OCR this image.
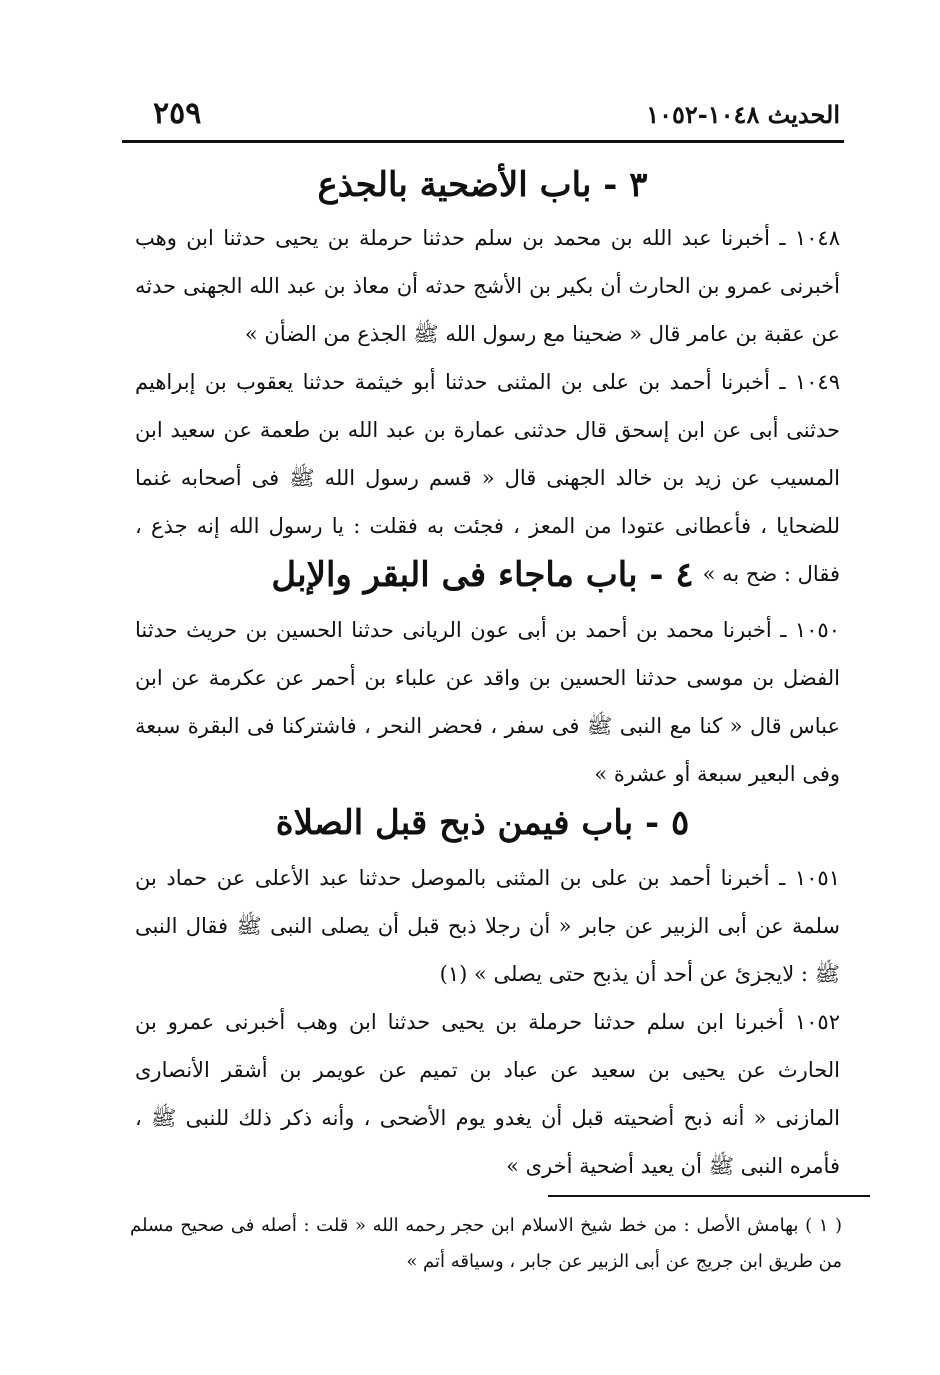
الحديث ١٠٤٨-١٠٥٢
٢٥٩
٣ - باب الأضحية بالجذع
١٠٤٨ ـ أخبرنا عبد الله بن محمد بن سلم حدثنا حرملة بن يحيى حدثنا ابن وهب أخبرنى عمرو بن الحارث أن بكير بن الأشج حدثه أن معاذ بن عبد الله الجهنى حدثه عن عقبة بن عامر قال « ضحينا مع رسول الله ﷺ الجذع من الضأن »
١٠٤٩ ـ أخبرنا أحمد بن على بن المثنى حدثنا أبو خيثمة حدثنا يعقوب بن إبراهيم حدثنى أبى عن ابن إسحق قال حدثنى عمارة بن عبد الله بن طعمة عن سعيد ابن المسيب عن زيد بن خالد الجهنى قال « قسم رسول الله ﷺ فى أصحابه غنما للضحايا ، فأعطانى عتودا من المعز ، فجئت به فقلت : يا رسول الله إنه جذع ، فقال : ضح به »
٤ - باب ماجاء فى البقر والإبل
١٠٥٠ ـ أخبرنا محمد بن أحمد بن أبى عون الريانى حدثنا الحسين بن حريث حدثنا الفضل بن موسى حدثنا الحسين بن واقد عن علباء بن أحمر عن عكرمة عن ابن عباس قال « كنا مع النبى ﷺ فى سفر ، فحضر النحر ، فاشتركنا فى البقرة سبعة وفى البعير سبعة أو عشرة »
٥ - باب فيمن ذبح قبل الصلاة
١٠٥١ ـ أخبرنا أحمد بن على بن المثنى بالموصل حدثنا عبد الأعلى عن حماد بن سلمة عن أبى الزبير عن جابر « أن رجلا ذبح قبل أن يصلى النبى ﷺ فقال النبى ﷺ : لايجزئ عن أحد أن يذبح حتى يصلى » (١)
١٠٥٢ أخبرنا ابن سلم حدثنا حرملة بن يحيى حدثنا ابن وهب أخبرنى عمرو بن الحارث عن يحيى بن سعيد عن عباد بن تميم عن عويمر بن أشقر الأنصارى المازنى « أنه ذبح أضحيته قبل أن يغدو يوم الأضحى ، وأنه ذكر ذلك للنبى ﷺ ، فأمره النبى ﷺ أن يعيد أضحية أخرى »
( ١ ) بهامش الأصل : من خط شيخ الاسلام ابن حجر رحمه الله « قلت : أصله فى صحيح مسلم من طريق ابن جريج عن أبى الزبير عن جابر ، وسياقه أتم »
